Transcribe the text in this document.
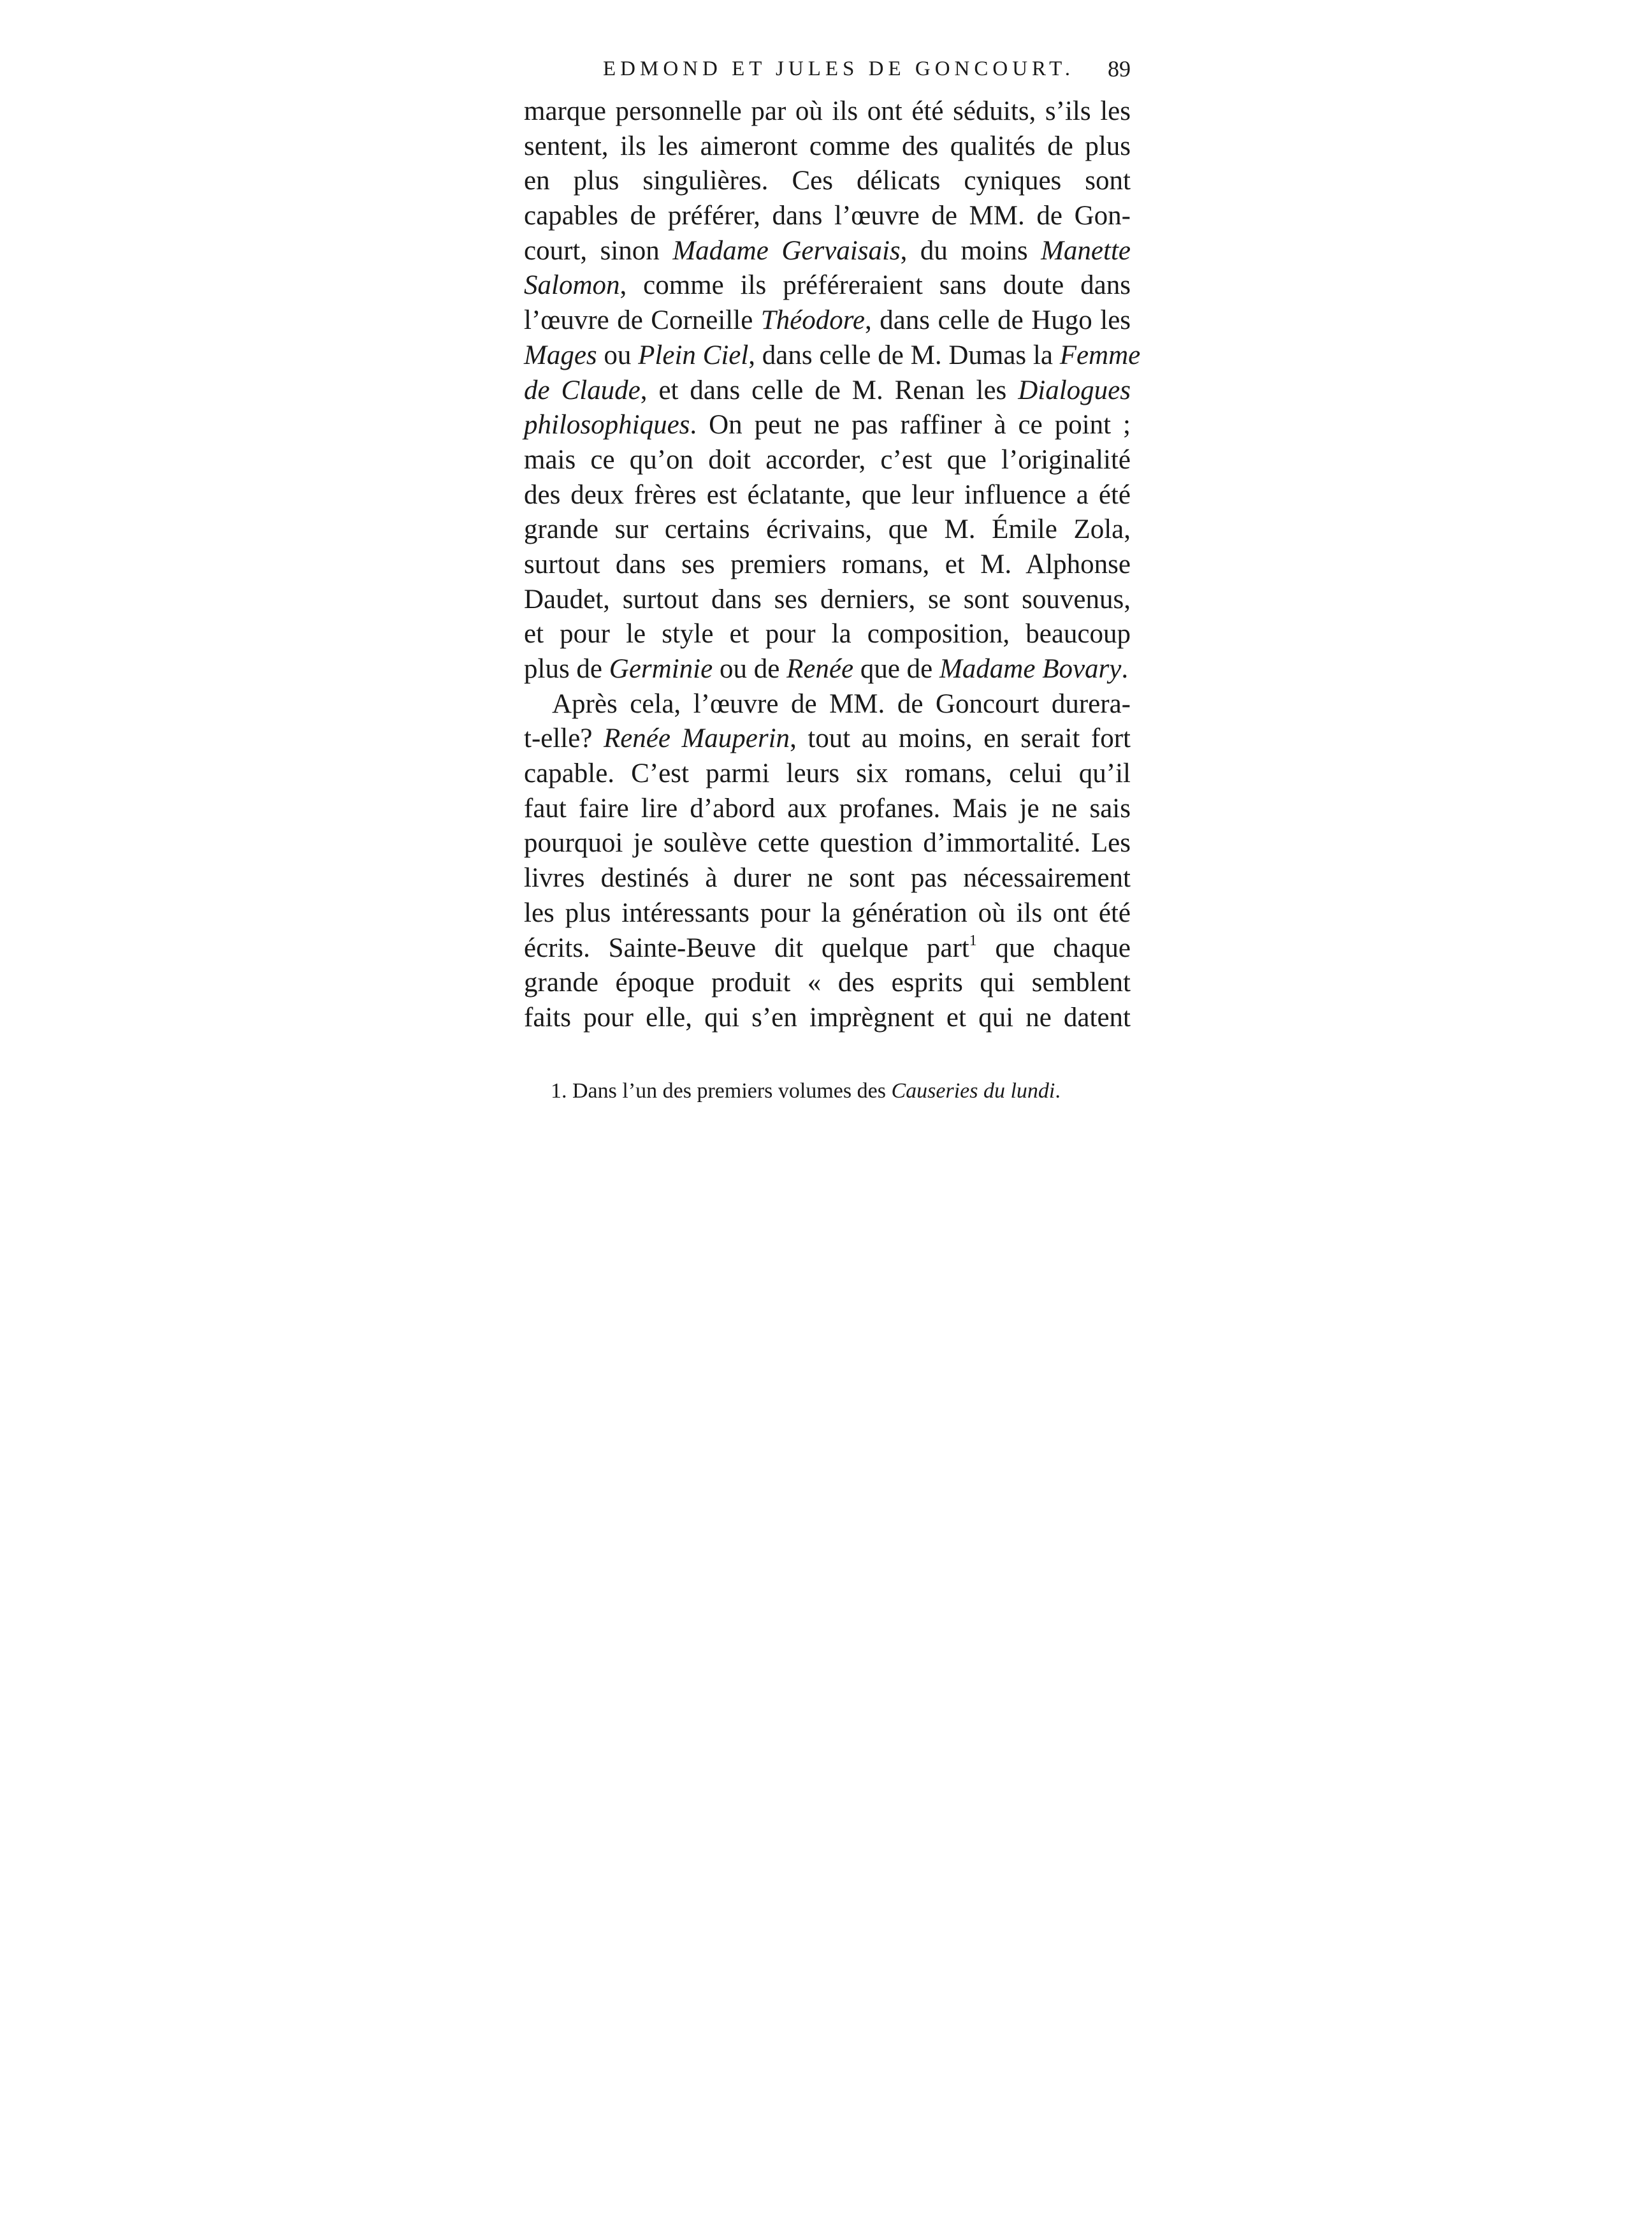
EDMOND ET JULES DE GONCOURT. 89
marque personnelle par où ils ont été séduits, s’ils les
sentent, ils les aimeront comme des qualités de plus
en plus singulières. Ces délicats cyniques sont
capables de préférer, dans l’œuvre de MM. de Gon-
court, sinon Madame Gervaisais, du moins Manette
Salomon, comme ils préféreraient sans doute dans
l’œuvre de Corneille Théodore, dans celle de Hugo les
Mages ou Plein Ciel, dans celle de M. Dumas la Femme
de Claude, et dans celle de M. Renan les Dialogues
philosophiques. On peut ne pas raffiner à ce point ;
mais ce qu’on doit accorder, c’est que l’originalité
des deux frères est éclatante, que leur influence a été
grande sur certains écrivains, que M. Émile Zola,
surtout dans ses premiers romans, et M. Alphonse
Daudet, surtout dans ses derniers, se sont souvenus,
et pour le style et pour la composition, beaucoup
plus de Germinie ou de Renée que de Madame Bovary.
Après cela, l’œuvre de MM. de Goncourt durera-
t-elle? Renée Mauperin, tout au moins, en serait fort
capable. C’est parmi leurs six romans, celui qu’il
faut faire lire d’abord aux profanes. Mais je ne sais
pourquoi je soulève cette question d’immortalité. Les
livres destinés à durer ne sont pas nécessairement
les plus intéressants pour la génération où ils ont été
écrits. Sainte-Beuve dit quelque part$^1$ que chaque
grande époque produit « des esprits qui semblent
faits pour elle, qui s’en imprègnent et qui ne datent
1. Dans l’un des premiers volumes des Causeries du lundi.
